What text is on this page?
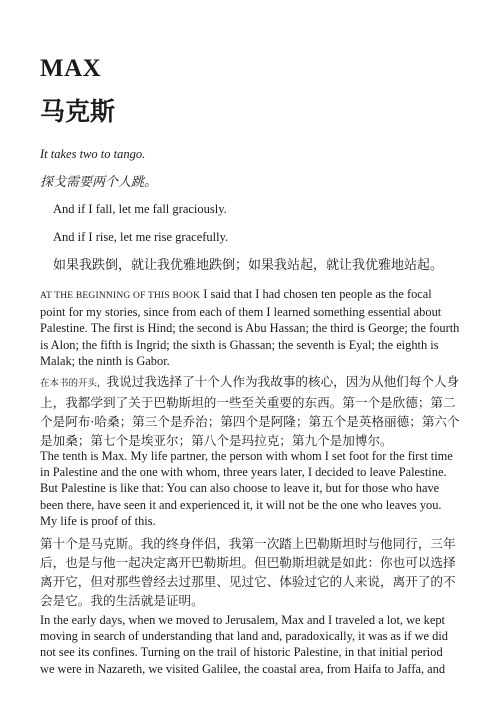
MAX
马克斯

It takes two to tango.

探戈需要两个人跳。

And if I fall, let me fall graciously.

And if I rise, let me rise gracefully.

如果我跌倒，就让我优雅地跌倒；如果我站起，就让我优雅地站起。

AT THE BEGINNING OF THIS BOOK I said that I had chosen ten people as the focal point for my stories, since from each of them I learned something essential about Palestine. The first is Hind; the second is Abu Hassan; the third is George; the fourth is Alon; the fifth is Ingrid; the sixth is Ghassan; the seventh is Eyal; the eighth is Malak; the ninth is Gabor.

在本书的开头，我说过我选择了十个人作为我故事的核心，因为从他们每个人身上，我都学到了关于巴勒斯坦的一些至关重要的东西。第一个是欣德；第二个是阿布·哈桑；第三个是乔治；第四个是阿隆；第五个是英格丽德；第六个是加桑；第七个是埃亚尔；第八个是玛拉克；第九个是加博尔。

The tenth is Max. My life partner, the person with whom I set foot for the first time in Palestine and the one with whom, three years later, I decided to leave Palestine. But Palestine is like that: You can also choose to leave it, but for those who have been there, have seen it and experienced it, it will not be the one who leaves you. My life is proof of this.

第十个是马克斯。我的终身伴侣，我第一次踏上巴勒斯坦时与他同行，三年后，也是与他一起决定离开巴勒斯坦。但巴勒斯坦就是如此：你也可以选择离开它，但对那些曾经去过那里、见过它、体验过它的人来说，离开了的不会是它。我的生活就是证明。

In the early days, when we moved to Jerusalem, Max and I traveled a lot, we kept moving in search of understanding that land and, paradoxically, it was as if we did not see its confines. Turning on the trail of historic Palestine, in that initial period we were in Nazareth, we visited Galilee, the coastal area, from Haifa to Jaffa, and
